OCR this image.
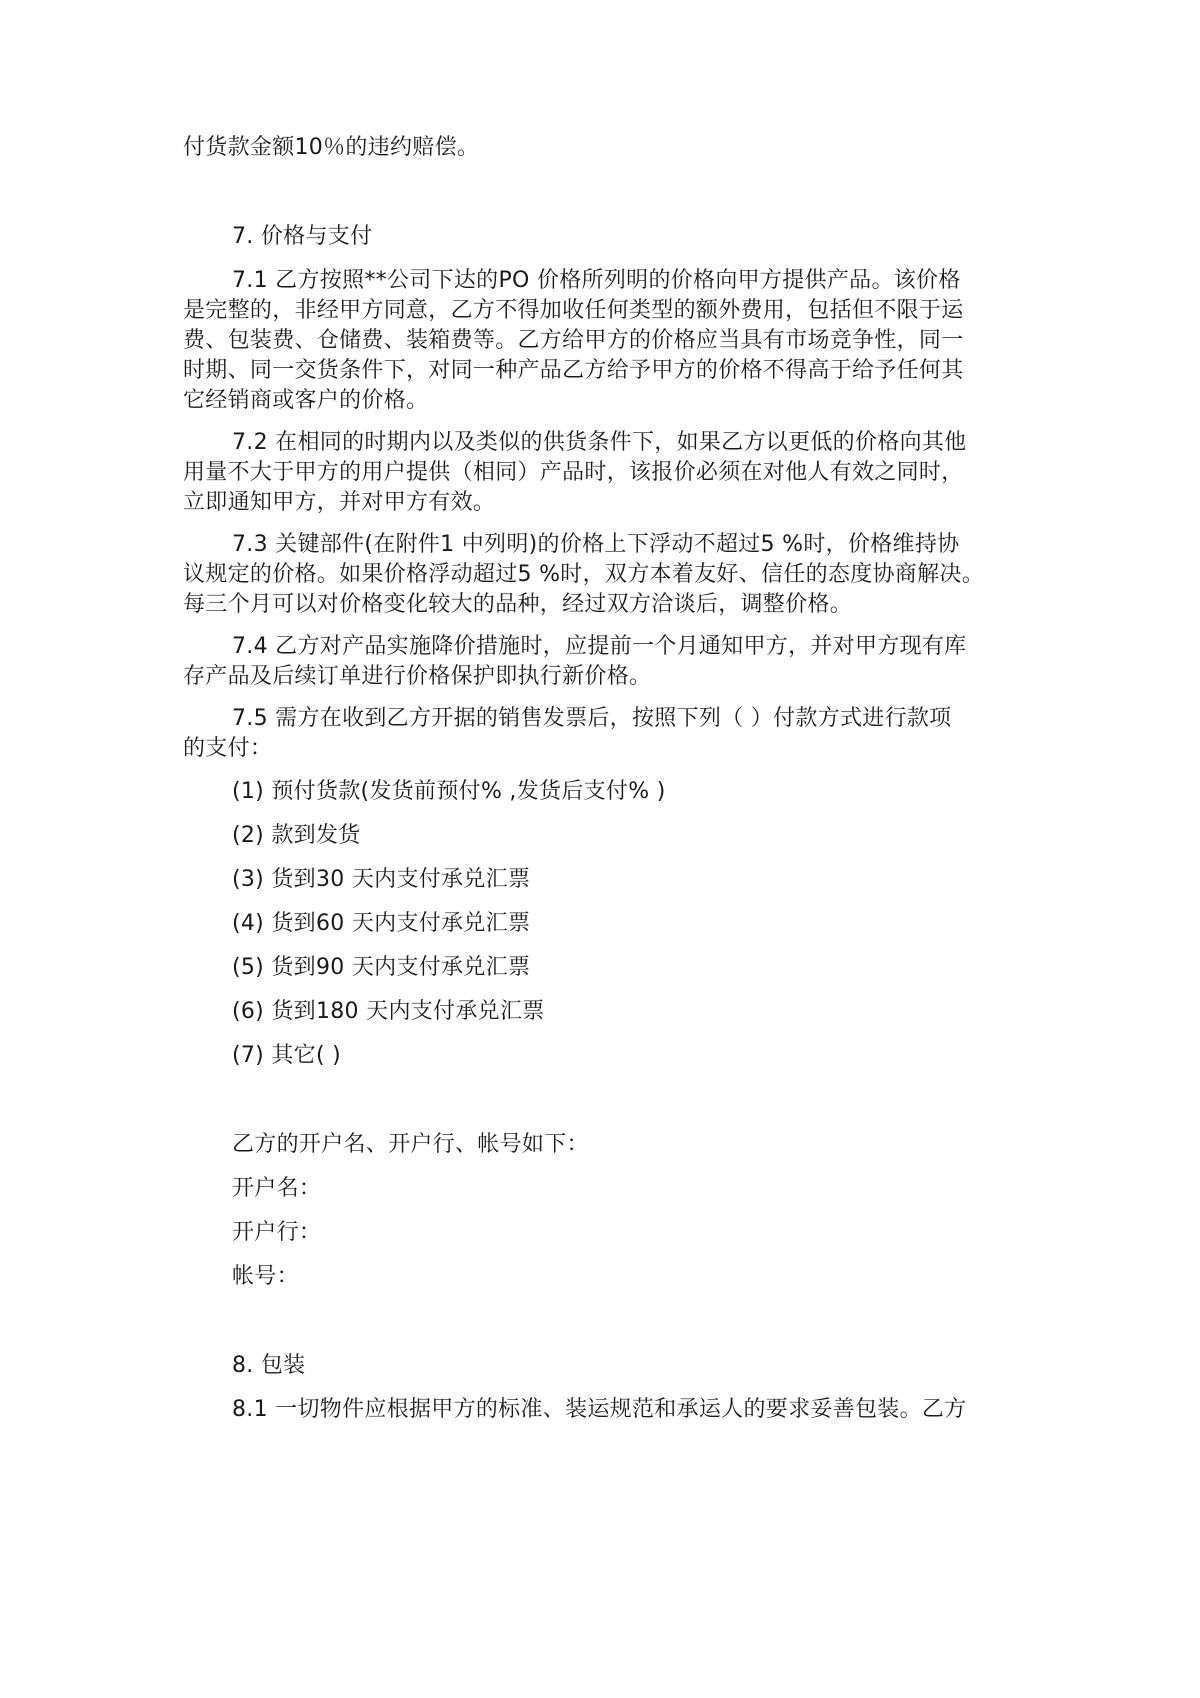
付货款金额10％的违约赔偿。
7. 价格与支付
7.1 乙方按照**公司下达的PO 价格所列明的价格向甲方提供产品。该价格
是完整的，非经甲方同意，乙方不得加收任何类型的额外费用，包括但不限于运
费、包装费、仓储费、装箱费等。乙方给甲方的价格应当具有市场竞争性，同一
时期、同一交货条件下，对同一种产品乙方给予甲方的价格不得高于给予任何其
它经销商或客户的价格。
7.2 在相同的时期内以及类似的供货条件下，如果乙方以更低的价格向其他
用量不大于甲方的用户提供（相同）产品时，该报价必须在对他人有效之同时，
立即通知甲方，并对甲方有效。
7.3 关键部件(在附件1 中列明)的价格上下浮动不超过5 %时，价格维持协
议规定的价格。如果价格浮动超过5 %时，双方本着友好、信任的态度协商解决。
每三个月可以对价格变化较大的品种，经过双方洽谈后，调整价格。
7.4 乙方对产品实施降价措施时，应提前一个月通知甲方，并对甲方现有库
存产品及后续订单进行价格保护即执行新价格。
7.5 需方在收到乙方开据的销售发票后，按照下列（ ）付款方式进行款项
的支付：
(1) 预付货款(发货前预付% ,发货后支付% )
(2) 款到发货
(3) 货到30 天内支付承兑汇票
(4) 货到60 天内支付承兑汇票
(5) 货到90 天内支付承兑汇票
(6) 货到180 天内支付承兑汇票
(7) 其它( )
乙方的开户名、开户行、帐号如下：
开户名：
开户行：
帐号：
8. 包装
8.1 一切物件应根据甲方的标准、装运规范和承运人的要求妥善包装。乙方
